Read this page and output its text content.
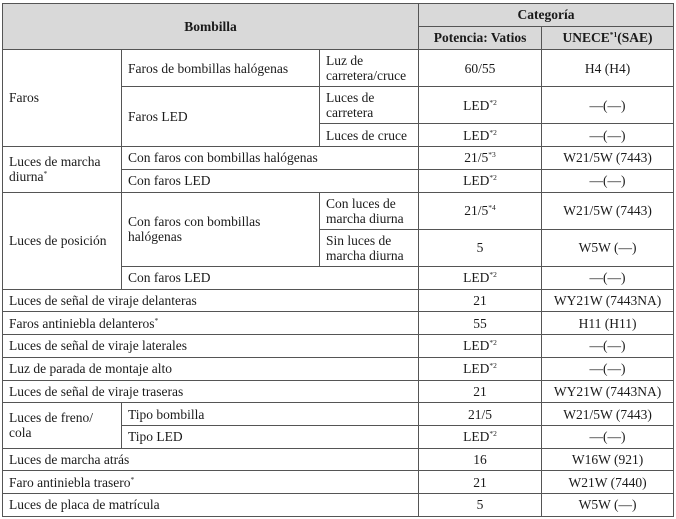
Bombilla			Categoría	
			Potencia: Vatios	UNECE$^{*1}$(SAE)
Faros	Faros de bombillas halógenas	Luz de carretera/cruce	60/55	H4 (H4)
	Faros LED	Luces de carretera	LED$^{*2}$	—(—)
		Luces de cruce	LED$^{*2}$	—(—)
Luces de marcha diurna*	Con faros con bombillas halógenas		21/5$^{*3}$	W21/5W (7443)
	Con faros LED		LED$^{*2}$	—(—)
Luces de posición	Con faros con bombillas halógenas	Con luces de marcha diurna	21/5$^{*4}$	W21/5W (7443)
		Sin luces de marcha diurna	5	W5W (—)
	Con faros LED		LED$^{*2}$	—(—)
Luces de señal de viraje delanteras			21	WY21W (7443NA)
Faros antiniebla delanteros*			55	H11 (H11)
Luces de señal de viraje laterales			LED$^{*2}$	—(—)
Luz de parada de montaje alto			LED$^{*2}$	—(—)
Luces de señal de viraje traseras			21	WY21W (7443NA)
Luces de freno/ cola	Tipo bombilla		21/5	W21/5W (7443)
	Tipo LED		LED$^{*2}$	—(—)
Luces de marcha atrás			16	W16W (921)
Faro antiniebla trasero*			21	W21W (7440)
Luces de placa de matrícula			5	W5W (—)
